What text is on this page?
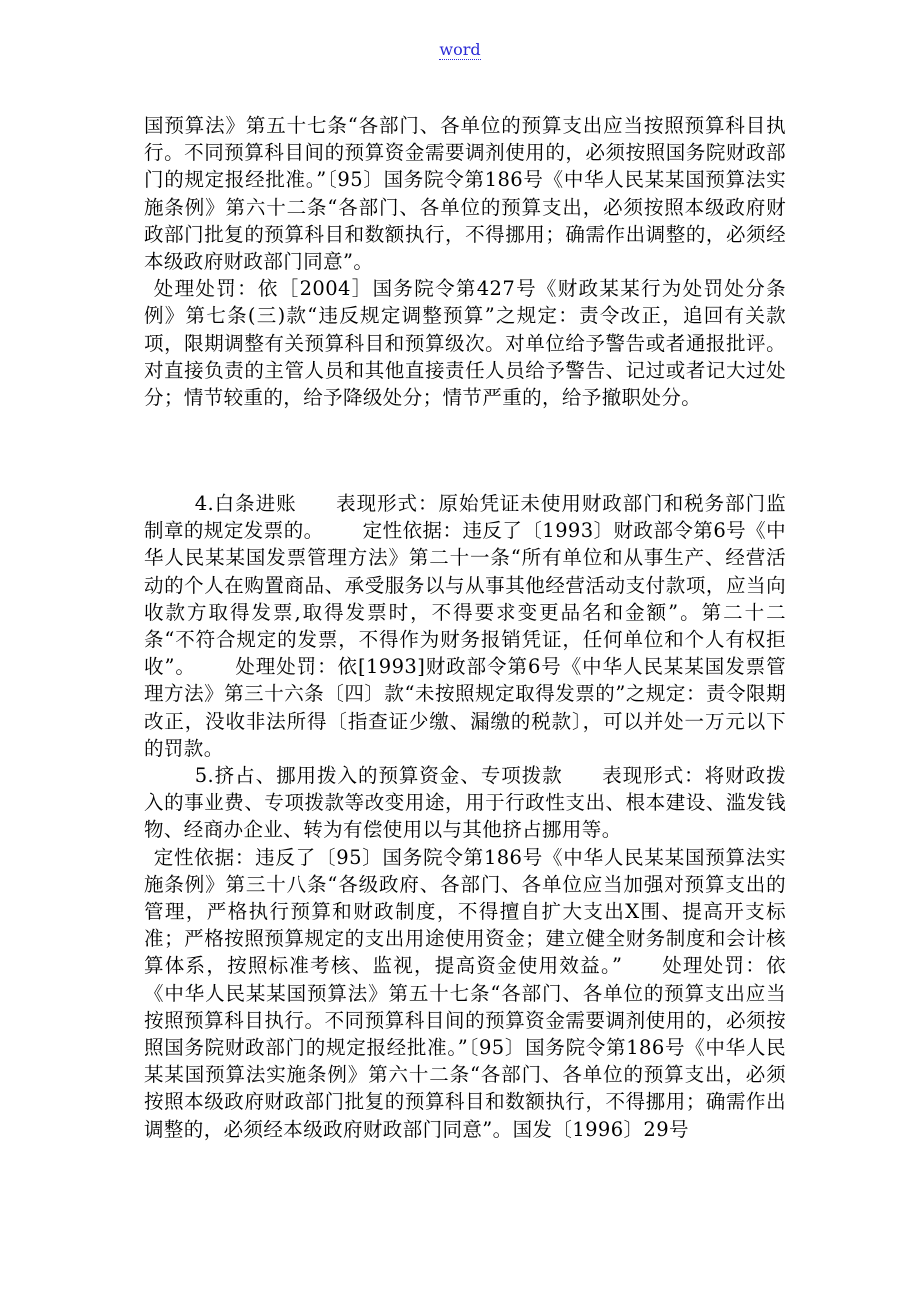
word

国预算法》第五十七条“各部门、各单位的预算支出应当按照预算科目执行。不同预算科目间的预算资金需要调剂使用的，必须按照国务院财政部门的规定报经批准。”〔95〕国务院令第186号《中华人民某某国预算法实施条例》第六十二条“各部门、各单位的预算支出，必须按照本级政府财政部门批复的预算科目和数额执行，不得挪用；确需作出调整的，必须经本级政府财政部门同意”。

处理处罚：依［2004］国务院令第427号《财政某某行为处罚处分条例》第七条(三)款“违反规定调整预算”之规定：责令改正，追回有关款项，限期调整有关预算科目和预算级次。对单位给予警告或者通报批评。对直接负责的主管人员和其他直接责任人员给予警告、记过或者记大过处分；情节较重的，给予降级处分；情节严重的，给予撤职处分。

4.白条进账 表现形式：原始凭证未使用财政部门和税务部门监制章的规定发票的。 定性依据：违反了〔1993〕财政部令第6号《中华人民某某国发票管理方法》第二十一条“所有单位和从事生产、经营活动的个人在购置商品、承受服务以与从事其他经营活动支付款项，应当向收款方取得发票,取得发票时，不得要求变更品名和金额”。第二十二条“不符合规定的发票，不得作为财务报销凭证，任何单位和个人有权拒收”。 处理处罚：依[1993]财政部令第6号《中华人民某某国发票管理方法》第三十六条〔四〕款“未按照规定取得发票的”之规定：责令限期改正，没收非法所得〔指查证少缴、漏缴的税款〕，可以并处一万元以下的罚款。

5.挤占、挪用拨入的预算资金、专项拨款 表现形式：将财政拨入的事业费、专项拨款等改变用途，用于行政性支出、根本建设、滥发钱物、经商办企业、转为有偿使用以与其他挤占挪用等。

定性依据：违反了〔95〕国务院令第186号《中华人民某某国预算法实施条例》第三十八条“各级政府、各部门、各单位应当加强对预算支出的管理，严格执行预算和财政制度，不得擅自扩大支出X围、提高开支标准；严格按照预算规定的支出用途使用资金；建立健全财务制度和会计核算体系，按照标准考核、监视，提高资金使用效益。” 处理处罚：依《中华人民某某国预算法》第五十七条“各部门、各单位的预算支出应当按照预算科目执行。不同预算科目间的预算资金需要调剂使用的，必须按照国务院财政部门的规定报经批准。”〔95〕国务院令第186号《中华人民某某国预算法实施条例》第六十二条“各部门、各单位的预算支出，必须按照本级政府财政部门批复的预算科目和数额执行，不得挪用；确需作出调整的，必须经本级政府财政部门同意”。国发〔1996〕29号
